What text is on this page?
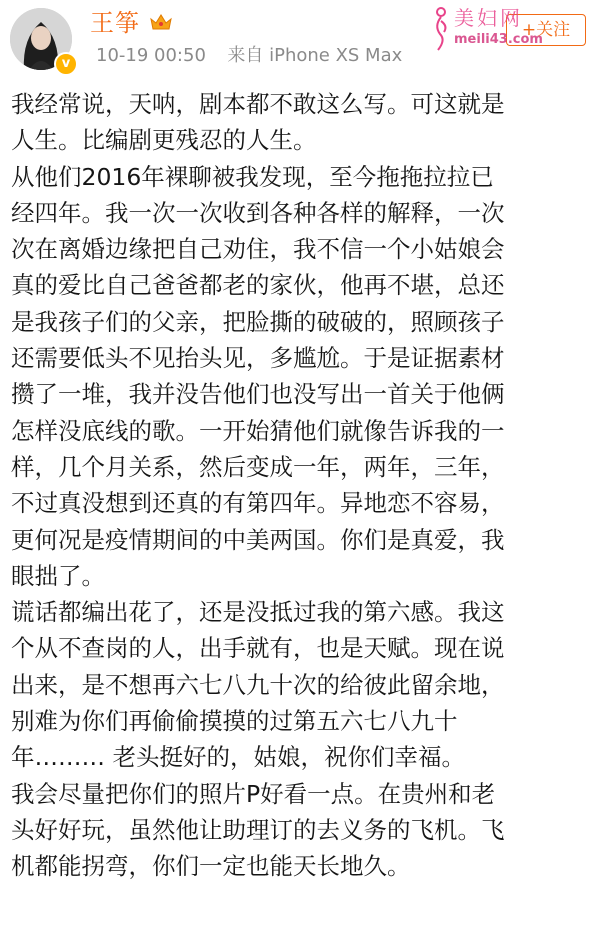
v
王筝
10-19 00:50 来自 iPhone XS Max
+关注
美妇网
meili43.com
我经常说，天呐，剧本都不敢这么写。可这就是
人生。比编剧更残忍的人生。
从他们2016年裸聊被我发现，至今拖拖拉拉已
经四年。我一次一次收到各种各样的解释，一次
次在离婚边缘把自己劝住，我不信一个小姑娘会
真的爱比自己爸爸都老的家伙，他再不堪，总还
是我孩子们的父亲，把脸撕的破破的，照顾孩子
还需要低头不见抬头见，多尴尬。于是证据素材
攒了一堆，我并没告他们也没写出一首关于他俩
怎样没底线的歌。一开始猜他们就像告诉我的一
样，几个月关系，然后变成一年，两年，三年，
不过真没想到还真的有第四年。异地恋不容易，
更何况是疫情期间的中美两国。你们是真爱，我
眼拙了。
谎话都编出花了，还是没抵过我的第六感。我这
个从不查岗的人，出手就有，也是天赋。现在说
出来，是不想再六七八九十次的给彼此留余地，
别难为你们再偷偷摸摸的过第五六七八九十
年……… 老头挺好的，姑娘，祝你们幸福。
我会尽量把你们的照片P好看一点。在贵州和老
头好好玩，虽然他让助理订的去义务的飞机。飞
机都能拐弯，你们一定也能天长地久。
